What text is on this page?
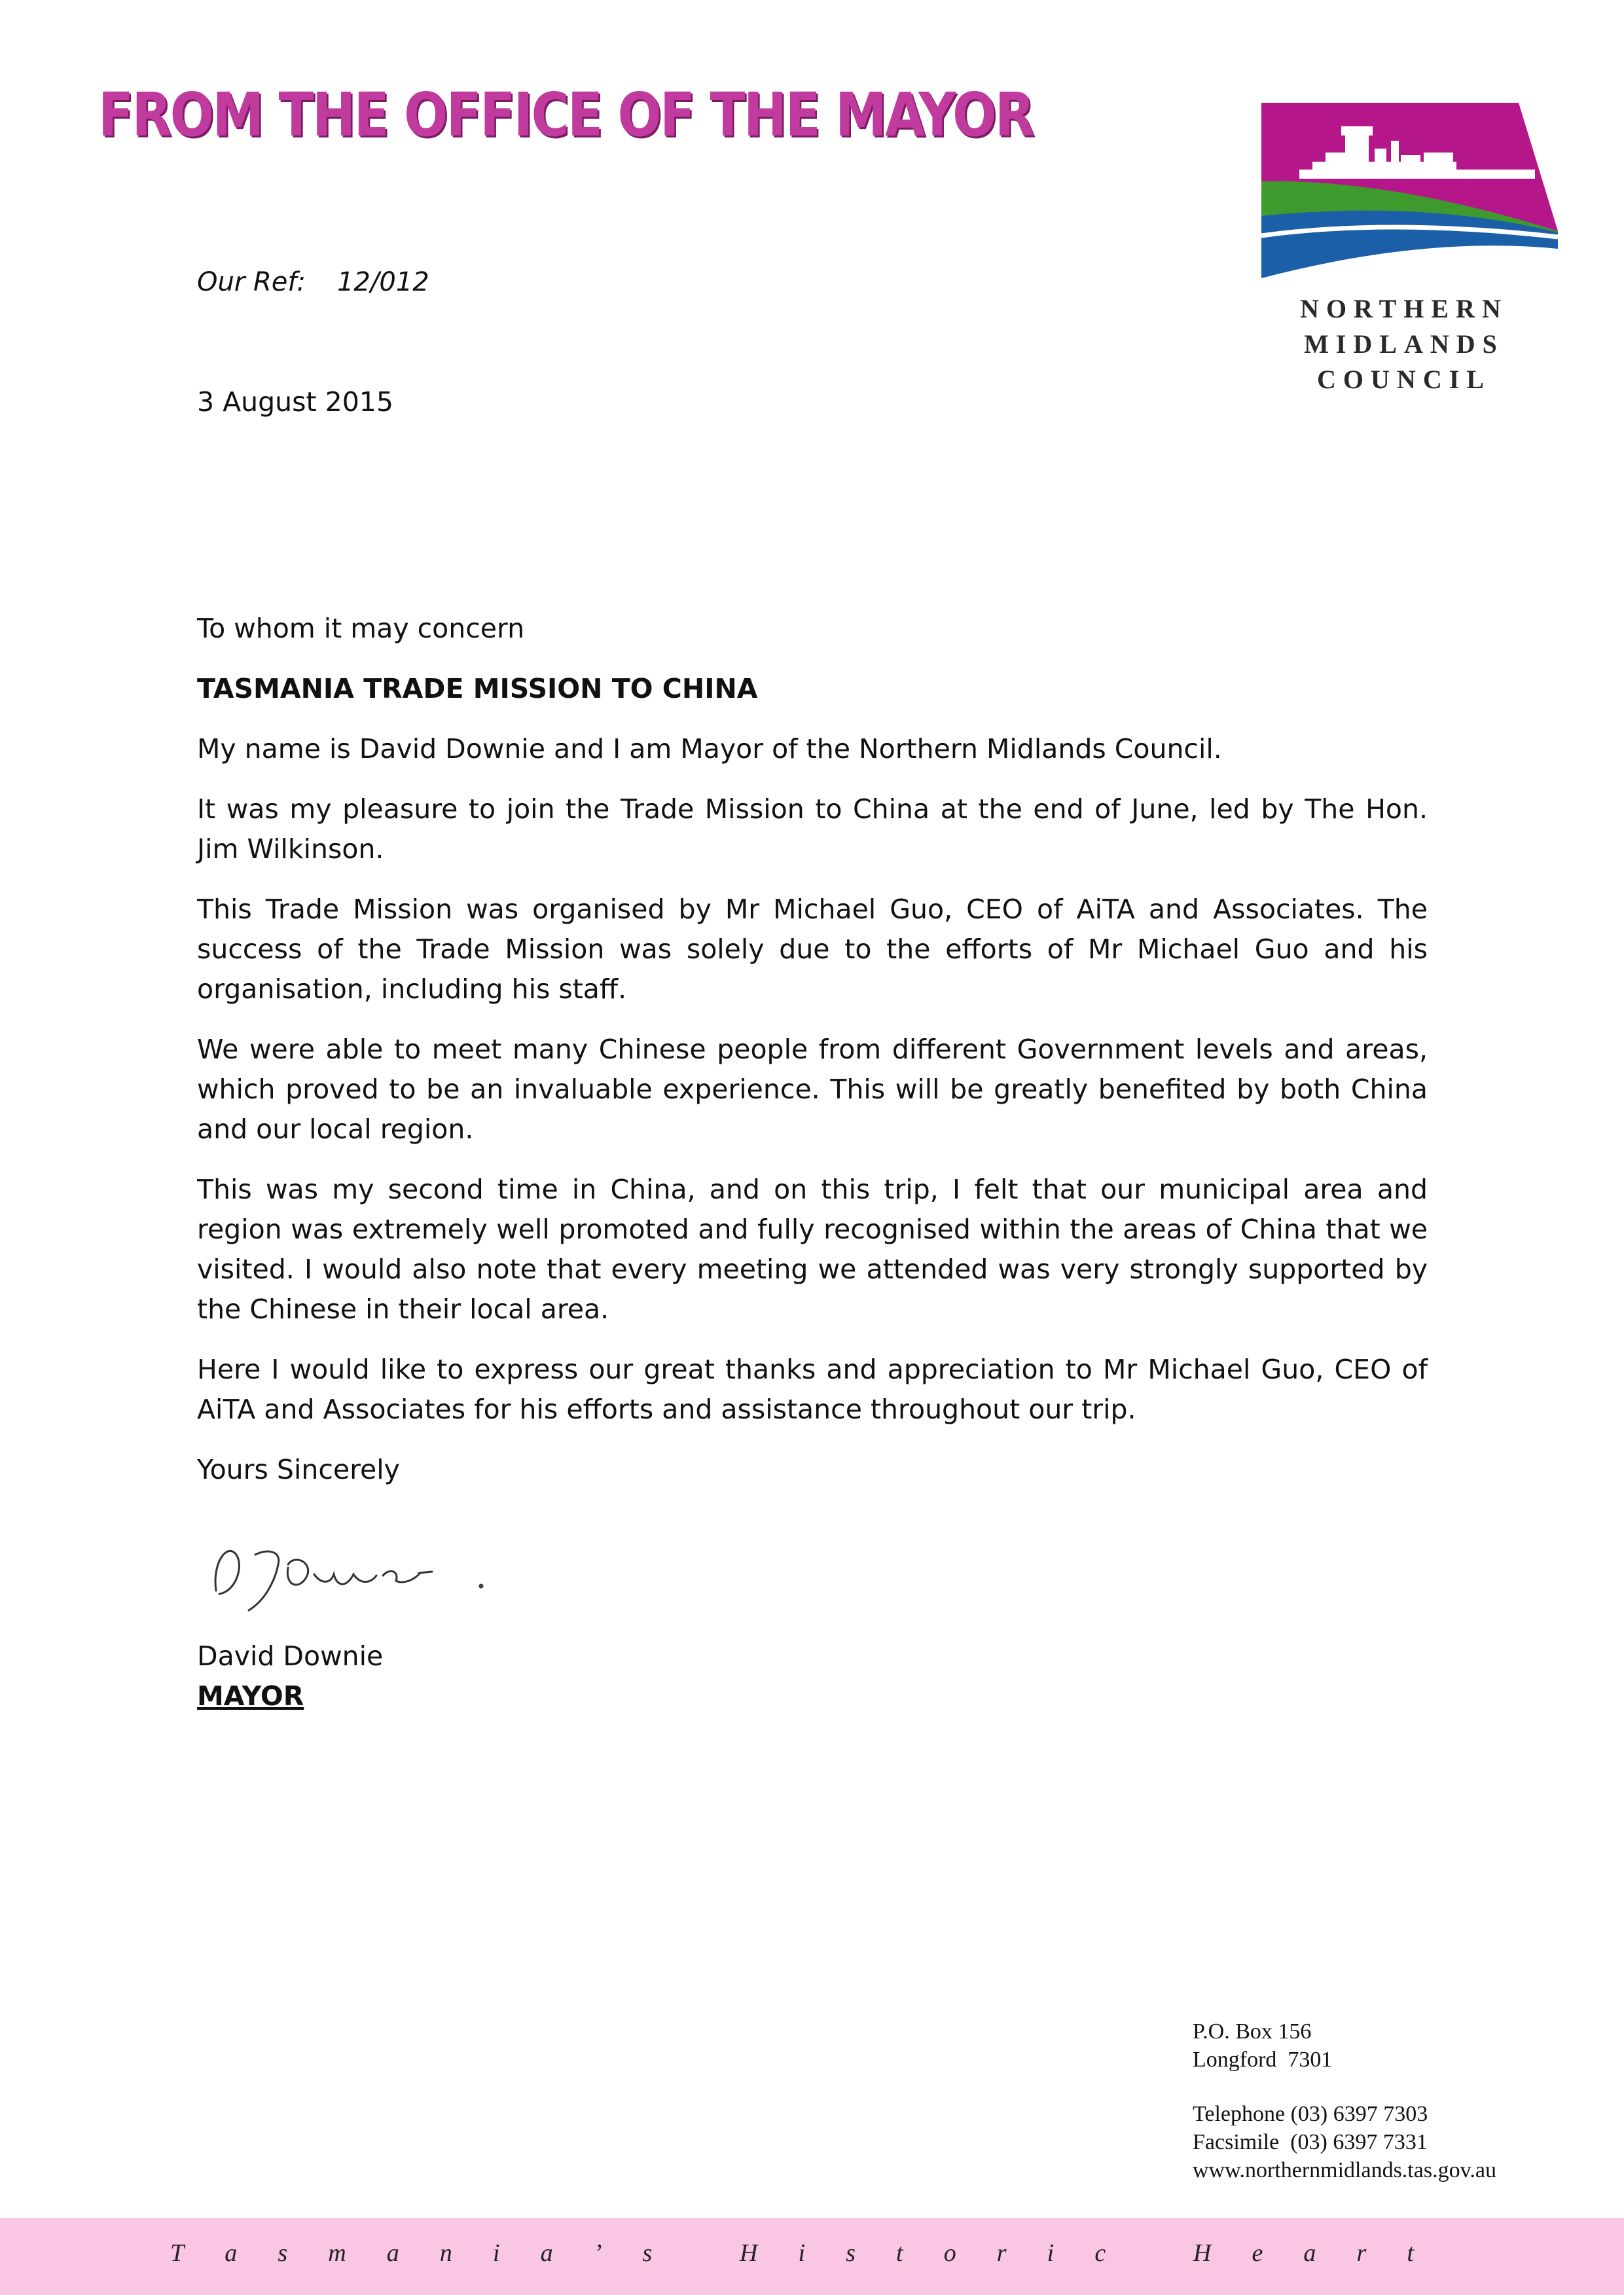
FROM THE OFFICE OF THE MAYOR
NORTHERN
MIDLANDS
COUNCIL
Our Ref: 12/012
3 August 2015

To whom it may concern

TASMANIA TRADE MISSION TO CHINA

My name is David Downie and I am Mayor of the Northern Midlands Council.

It was my pleasure to join the Trade Mission to China at the end of June, led by The Hon. Jim Wilkinson.

This Trade Mission was organised by Mr Michael Guo, CEO of AiTA and Associates. The success of the Trade Mission was solely due to the efforts of Mr Michael Guo and his organisation, including his staff.

We were able to meet many Chinese people from different Government levels and areas, which proved to be an invaluable experience. This will be greatly benefited by both China and our local region.

This was my second time in China, and on this trip, I felt that our municipal area and region was extremely well promoted and fully recognised within the areas of China that we visited. I would also note that every meeting we attended was very strongly supported by the Chinese in their local area.

Here I would like to express our great thanks and appreciation to Mr Michael Guo, CEO of AiTA and Associates for his efforts and assistance throughout our trip.

Yours Sincerely

David Downie
MAYOR

P.O. Box 156

Longford  7301

Telephone (03) 6397 7303

Facsimile  (03) 6397 7331

www.northernmidlands.tas.gov.au

T a s m a n i a ’ s
	H i s t o r i c
	H e a r t
